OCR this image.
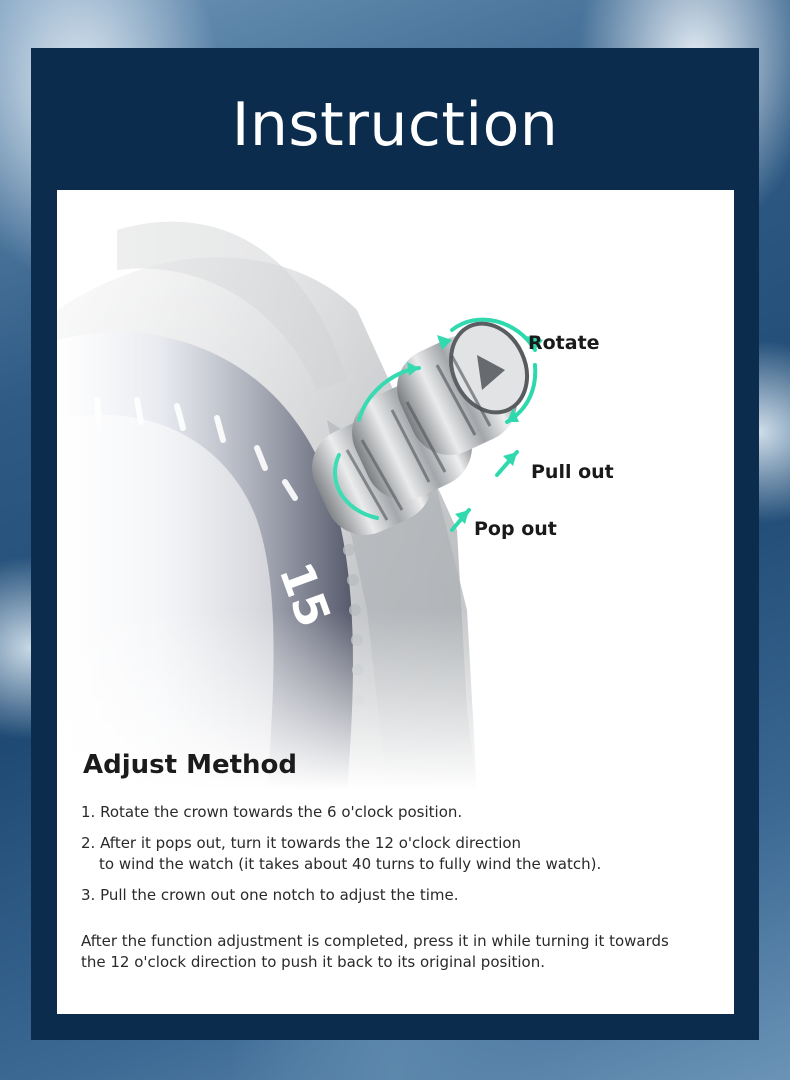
Instruction
Rotate
Pull out
Pop out
Adjust Method

1. Rotate the crown towards the 6 o'clock position.

2. After it pops out, turn it towards the 12 o'clock direction
to wind the watch (it takes about 40 turns to fully wind the watch).

3. Pull the crown out one notch to adjust the time.

After the function adjustment is completed, press it in while turning it towards
the 12 o'clock direction to push it back to its original position.
